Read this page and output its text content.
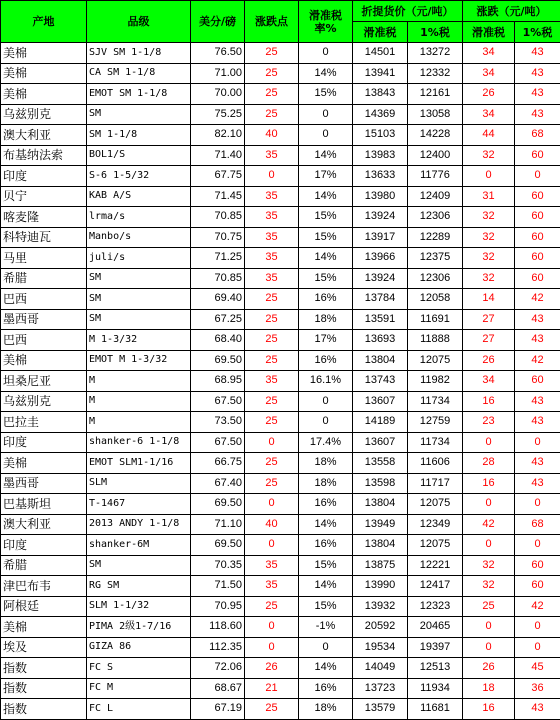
产地	品级	美分/磅	涨跌点	滑准税率%	折提货价（元/吨）		涨跌（元/吨）	
					滑准税	1%税	滑准税	1%税
美棉	SJV SM 1-1/8	76.50	25	0	14501	13272	34	43
美棉	CA SM 1-1/8	71.00	25	14%	13941	12332	34	43
美棉	EMOT SM 1-1/8	70.00	25	15%	13843	12161	26	43
乌兹别克	SM	75.25	25	0	14369	13058	34	43
澳大利亚	SM 1-1/8	82.10	40	0	15103	14228	44	68
布基纳法索	BOL1/S	71.40	35	14%	13983	12400	32	60
印度	S-6 1-5/32	67.75	0	17%	13633	11776	0	0
贝宁	KAB A/S	71.45	35	14%	13980	12409	31	60
喀麦隆	lrma/s	70.85	35	15%	13924	12306	32	60
科特迪瓦	Manbo/s	70.75	35	15%	13917	12289	32	60
马里	juli/s	71.25	35	14%	13966	12375	32	60
希腊	SM	70.85	35	15%	13924	12306	32	60
巴西	SM	69.40	25	16%	13784	12058	14	42
墨西哥	SM	67.25	25	18%	13591	11691	27	43
巴西	M 1-3/32	68.40	25	17%	13693	11888	27	43
美棉	EMOT M 1-3/32	69.50	25	16%	13804	12075	26	42
坦桑尼亚	M	68.95	35	16.1%	13743	11982	34	60
乌兹别克	M	67.50	25	0	13607	11734	16	43
巴拉圭	M	73.50	25	0	14189	12759	23	43
印度	shanker-6 1-1/8	67.50	0	17.4%	13607	11734	0	0
美棉	EMOT SLM1-1/16	66.75	25	18%	13558	11606	28	43
墨西哥	SLM	67.40	25	18%	13598	11717	16	43
巴基斯坦	T-1467	69.50	0	16%	13804	12075	0	0
澳大利亚	2013 ANDY 1-1/8	71.10	40	14%	13949	12349	42	68
印度	shanker-6M	69.50	0	16%	13804	12075	0	0
希腊	SM	70.35	35	15%	13875	12221	32	60
津巴布韦	RG SM	71.50	35	14%	13990	12417	32	60
阿根廷	SLM 1-1/32	70.95	25	15%	13932	12323	25	42
美棉	PIMA 2级1-7/16	118.60	0	-1%	20592	20465	0	0
埃及	GIZA 86	112.35	0	0	19534	19397	0	0
指数	FC S	72.06	26	14%	14049	12513	26	45
指数	FC M	68.67	21	16%	13723	11934	18	36
指数	FC L	67.19	25	18%	13579	11681	16	43
